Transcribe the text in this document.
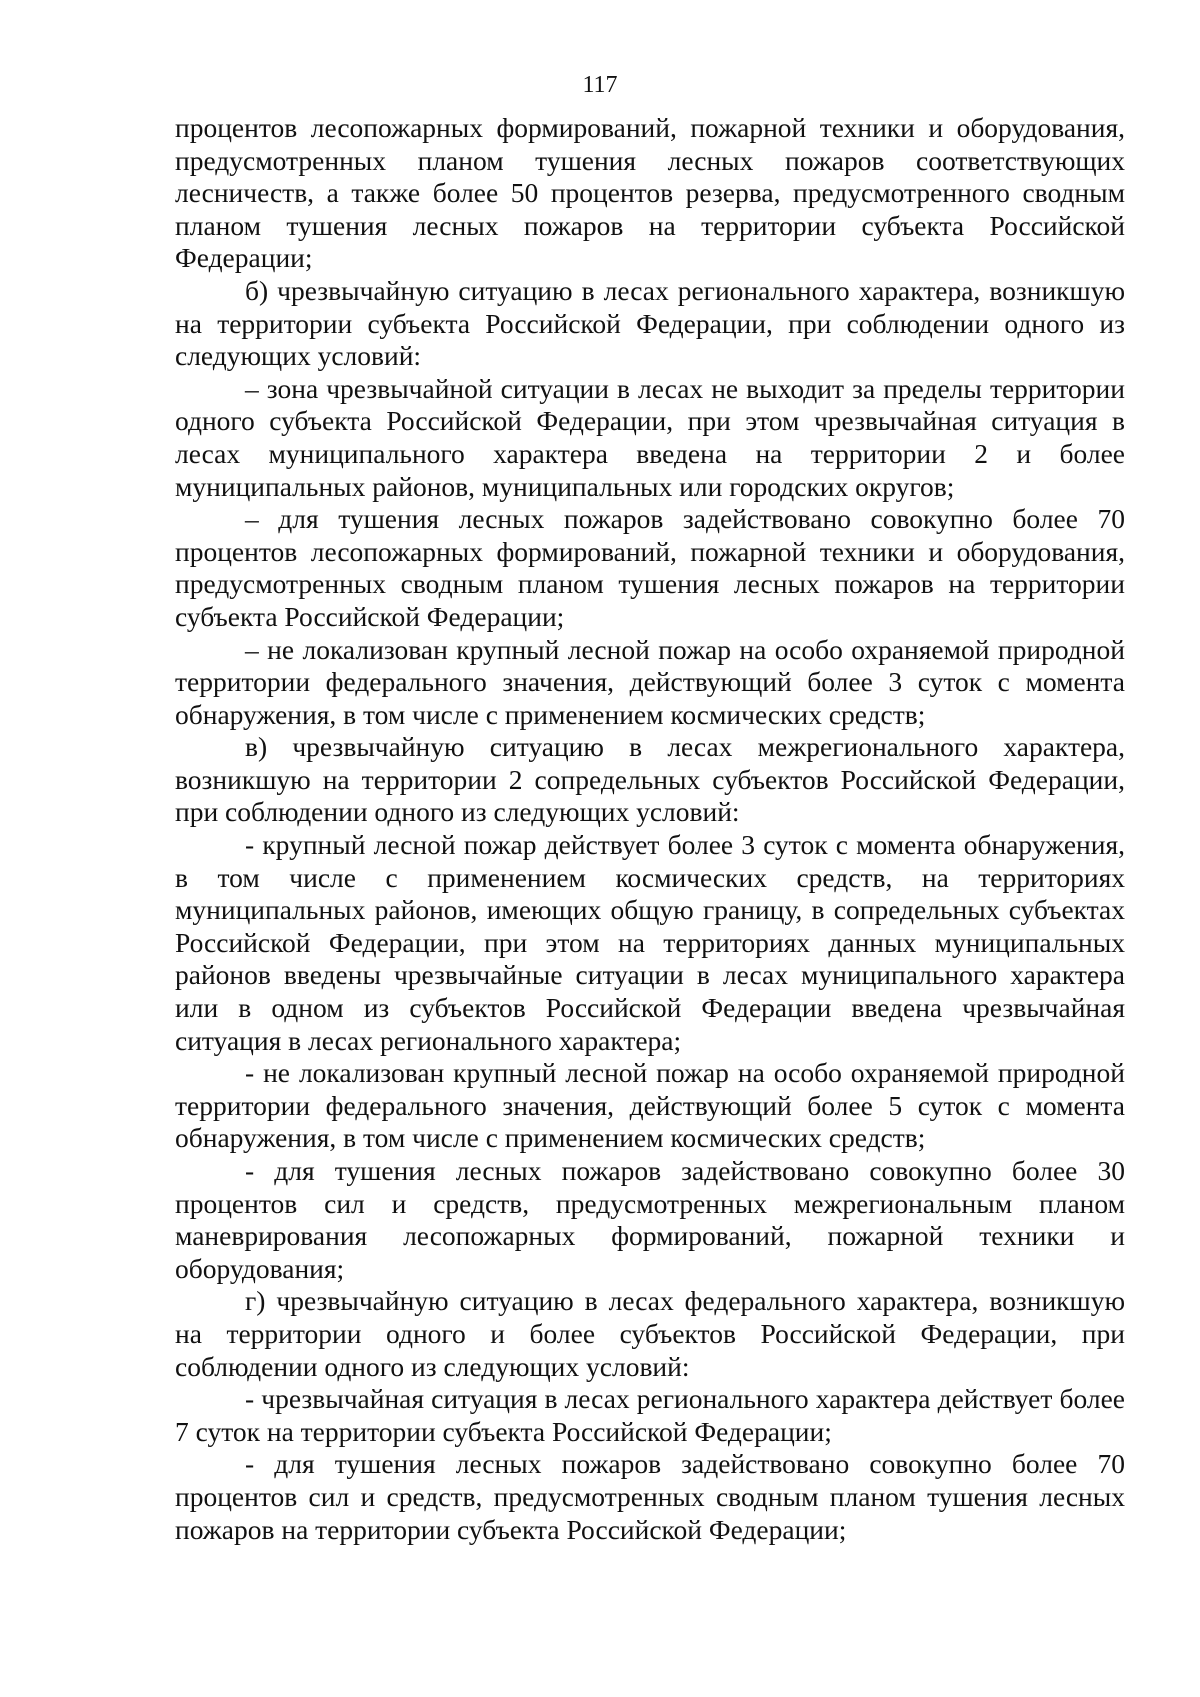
117

процентов лесопожарных формирований, пожарной техники и оборудования, предусмотренных планом тушения лесных пожаров соответствующих лесничеств, а также более 50 процентов резерва, предусмотренного сводным планом тушения лесных пожаров на территории субъекта Российской Федерации;

б) чрезвычайную ситуацию в лесах регионального характера, возникшую на территории субъекта Российской Федерации, при соблюдении одного из следующих условий:

– зона чрезвычайной ситуации в лесах не выходит за пределы территории одного субъекта Российской Федерации, при этом чрезвычайная ситуация в лесах муниципального характера введена на территории 2 и более муниципальных районов, муниципальных или городских округов;

– для тушения лесных пожаров задействовано совокупно более 70 процентов лесопожарных формирований, пожарной техники и оборудования, предусмотренных сводным планом тушения лесных пожаров на территории субъекта Российской Федерации;

– не локализован крупный лесной пожар на особо охраняемой природной территории федерального значения, действующий более 3 суток с момента обнаружения, в том числе с применением космических средств;

в) чрезвычайную ситуацию в лесах межрегионального характера, возникшую на территории 2 сопредельных субъектов Российской Федерации, при соблюдении одного из следующих условий:

- крупный лесной пожар действует более 3 суток с момента обнаружения, в том числе с применением космических средств, на территориях муниципальных районов, имеющих общую границу, в сопредельных субъектах Российской Федерации, при этом на территориях данных муниципальных районов введены чрезвычайные ситуации в лесах муниципального характера или в одном из субъектов Российской Федерации введена чрезвычайная ситуация в лесах регионального характера;

- не локализован крупный лесной пожар на особо охраняемой природной территории федерального значения, действующий более 5 суток с момента обнаружения, в том числе с применением космических средств;

- для тушения лесных пожаров задействовано совокупно более 30 процентов сил и средств, предусмотренных межрегиональным планом маневрирования лесопожарных формирований, пожарной техники и оборудования;

г) чрезвычайную ситуацию в лесах федерального характера, возникшую на территории одного и более субъектов Российской Федерации, при соблюдении одного из следующих условий:

- чрезвычайная ситуация в лесах регионального характера действует более 7 суток на территории субъекта Российской Федерации;

- для тушения лесных пожаров задействовано совокупно более 70 процентов сил и средств, предусмотренных сводным планом тушения лесных пожаров на территории субъекта Российской Федерации;
